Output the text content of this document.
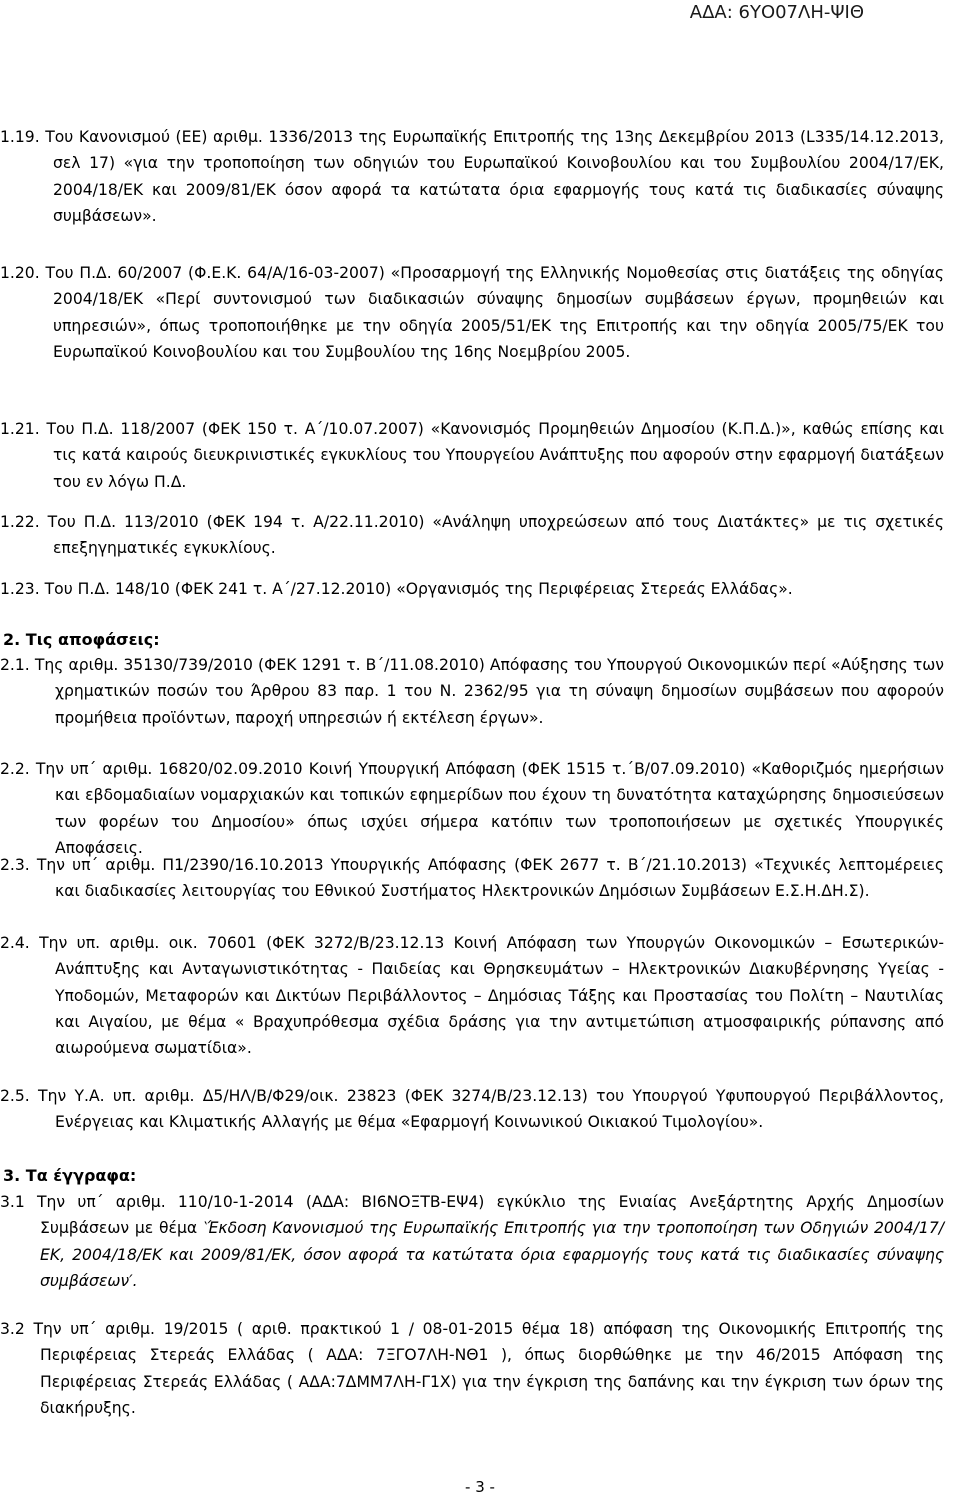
ΑΔΑ: 6ΥΟ07ΛΗ-ΨΙΘ

1.19. Του Κανονισμού (ΕΕ) αριθμ. 1336/2013 της Ευρωπαϊκής Επιτροπής της 13ης Δεκεμβρίου 2013 (L335/14.12.2013, σελ 17) «για την τροποποίηση των οδηγιών του Ευρωπαϊκού Κοινοβουλίου και του Συμβουλίου 2004/17/ΕΚ, 2004/18/ΕΚ και 2009/81/ΕΚ όσον αφορά τα κατώτατα όρια εφαρμογής τους κατά τις διαδικασίες σύναψης συμβάσεων».

1.20. Του Π.Δ. 60/2007 (Φ.Ε.Κ. 64/Α/16-03-2007) «Προσαρμογή της Ελληνικής Νομοθεσίας στις διατάξεις της οδηγίας 2004/18/ΕΚ «Περί συντονισμού των διαδικασιών σύναψης δημοσίων συμβάσεων έργων, προμηθειών και υπηρεσιών», όπως τροποποιήθηκε με την οδηγία 2005/51/ΕΚ της Επιτροπής και την οδηγία 2005/75/ΕΚ του Ευρωπαϊκού Κοινοβουλίου και του Συμβουλίου της 16ης Νοεμβρίου 2005.

1.21. Του Π.Δ. 118/2007 (ΦΕΚ 150 τ. Α΄/10.07.2007) «Κανονισμός Προμηθειών Δημοσίου (Κ.Π.Δ.)», καθώς επίσης και τις κατά καιρούς διευκρινιστικές εγκυκλίους του Υπουργείου Ανάπτυξης που αφορούν στην εφαρμογή διατάξεων του εν λόγω Π.Δ.

1.22. Του Π.Δ. 113/2010 (ΦΕΚ 194 τ. Α/22.11.2010) «Ανάληψη υποχρεώσεων από τους Διατάκτες» με τις σχετικές επεξηγηματικές εγκυκλίους.

1.23. Του Π.Δ. 148/10 (ΦΕΚ 241 τ. Α΄/27.12.2010) «Οργανισμός της Περιφέρειας Στερεάς Ελλάδας».

2. Τις αποφάσεις:

2.1. Της αριθμ. 35130/739/2010 (ΦΕΚ 1291 τ. Β΄/11.08.2010) Απόφασης του Υπουργού Οικονομικών περί «Αύξησης των χρηματικών ποσών του Άρθρου 83 παρ. 1 του Ν. 2362/95 για τη σύναψη δημοσίων συμβάσεων που αφορούν προμήθεια προϊόντων, παροχή υπηρεσιών ή εκτέλεση έργων».

2.2. Την υπ΄ αριθμ. 16820/02.09.2010 Κοινή Υπουργική Απόφαση (ΦΕΚ 1515 τ.΄Β/07.09.2010) «Καθοριζμός ημερήσιων και εβδομαδιαίων νομαρχιακών και τοπικών εφημερίδων που έχουν τη δυνατότητα καταχώρησης δημοσιεύσεων των φορέων του Δημοσίου» όπως ισχύει σήμερα κατόπιν των τροποποιήσεων με σχετικές Υπουργικές Αποφάσεις.

2.3. Την υπ΄ αριθμ. Π1/2390/16.10.2013 Υπουργικής Απόφασης (ΦΕΚ 2677 τ. Β΄/21.10.2013) «Τεχνικές λεπτομέρειες και διαδικασίες λειτουργίας του Εθνικού Συστήματος Ηλεκτρονικών Δημόσιων Συμβάσεων Ε.Σ.Η.ΔΗ.Σ).

2.4. Την υπ. αριθμ. οικ. 70601 (ΦΕΚ 3272/Β/23.12.13 Κοινή Απόφαση των Υπουργών Οικονομικών – Εσωτερικών- Ανάπτυξης και Ανταγωνιστικότητας - Παιδείας και Θρησκευμάτων – Ηλεκτρονικών Διακυβέρνησης Υγείας - Υποδομών, Μεταφορών και Δικτύων Περιβάλλοντος – Δημόσιας Τάξης και Προστασίας του Πολίτη – Ναυτιλίας και Αιγαίου, με θέμα « Βραχυπρόθεσμα σχέδια δράσης για την αντιμετώπιση ατμοσφαιρικής ρύπανσης από αιωρούμενα σωματίδια».

2.5. Την Υ.Α. υπ. αριθμ. Δ5/ΗΛ/Β/Φ29/οικ. 23823 (ΦΕΚ 3274/Β/23.12.13) του Υπουργού Υφυπουργού Περιβάλλοντος, Ενέργειας και Κλιματικής Αλλαγής με θέμα «Εφαρμογή Κοινωνικού Οικιακού Τιμολογίου».

3. Τα έγγραφα:

3.1 Την υπ΄ αριθμ. 110/10-1-2014 (ΑΔΑ: ΒΙ6ΝΟΞΤΒ-ΕΨ4) εγκύκλιο της Ενιαίας Ανεξάρτητης Αρχής Δημοσίων Συμβάσεων με θέμα ‵Έκδοση Κανονισμού της Ευρωπαϊκής Επιτροπής για την τροποποίηση των Οδηγιών 2004/17/ΕΚ, 2004/18/ΕΚ και 2009/81/ΕΚ, όσον αφορά τα κατώτατα όρια εφαρμογής τους κατά τις διαδικασίες σύναψης συμβάσεων′.

3.2 Την υπ΄ αριθμ. 19/2015 ( αριθ. πρακτικού 1 / 08-01-2015 θέμα 18) απόφαση της Οικονομικής Επιτροπής της Περιφέρειας Στερεάς Ελλάδας ( ΑΔΑ: 7ΞΓΟ7ΛΗ-ΝΘ1 ), όπως διορθώθηκε με την 46/2015 Απόφαση της Περιφέρειας Στερεάς Ελλάδας ( ΑΔΑ:7ΔΜΜ7ΛΗ-Γ1Χ) για την έγκριση της δαπάνης και την έγκριση των όρων της διακήρυξης.

- 3 -
